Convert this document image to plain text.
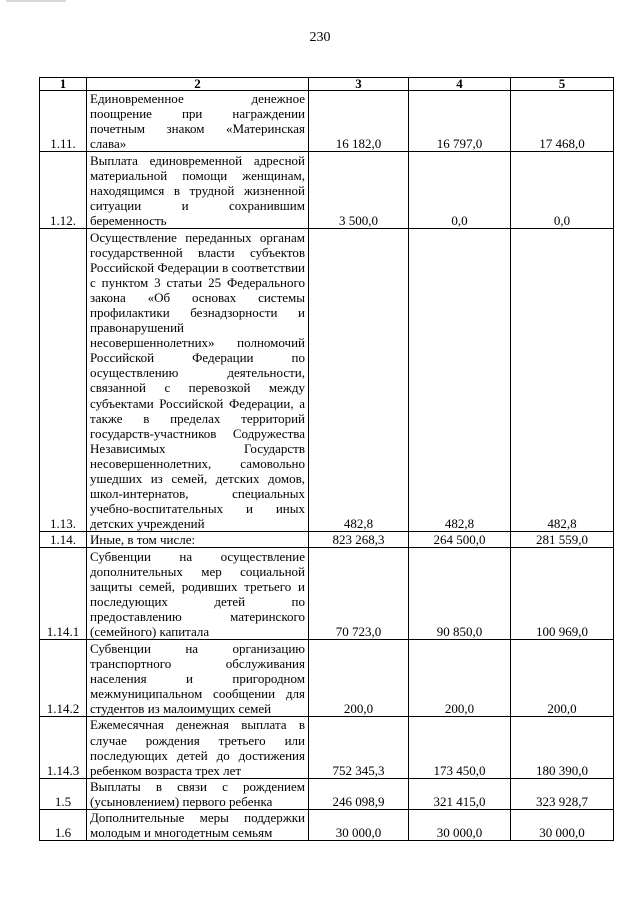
230
1	2	3	4	5
1.11.	Единовременное денежное поощрение при награждении почетным знаком «Материнская слава»	16 182,0	16 797,0	17 468,0
1.12.	Выплата единовременной адресной материальной помощи женщинам, находящимся в трудной жизненной ситуации и сохранившим беременность	3 500,0	0,0	0,0
1.13.	Осуществление переданных органам государственной власти субъектов Российской Федерации в соответствии с пунктом 3 статьи 25 Федерального закона «Об основах системы профилактики безнадзорности и правонарушений несовершеннолетних» полномочий Российской Федерации по осуществлению деятельности, связанной с перевозкой между субъектами Российской Федерации, а также в пределах территорий государств-участников Содружества Независимых Государств несовершеннолетних, самовольно ушедших из семей, детских домов, школ-интернатов, специальных учебно-воспитательных и иных детских учреждений	482,8	482,8	482,8
1.14.	Иные, в том числе:	823 268,3	264 500,0	281 559,0
1.14.1	Субвенции на осуществление дополнительных мер социальной защиты семей, родивших третьего и последующих детей по предоставлению материнского (семейного) капитала	70 723,0	90 850,0	100 969,0
1.14.2	Субвенции на организацию транспортного обслуживания населения и пригородном межмуниципальном сообщении для студентов из малоимущих семей	200,0	200,0	200,0
1.14.3	Ежемесячная денежная выплата в случае рождения третьего или последующих детей до достижения ребенком возраста трех лет	752 345,3	173 450,0	180 390,0
1.5	Выплаты в связи с рождением (усыновлением) первого ребенка	246 098,9	321 415,0	323 928,7
1.6	Дополнительные меры поддержки молодым и многодетным семьям	30 000,0	30 000,0	30 000,0
